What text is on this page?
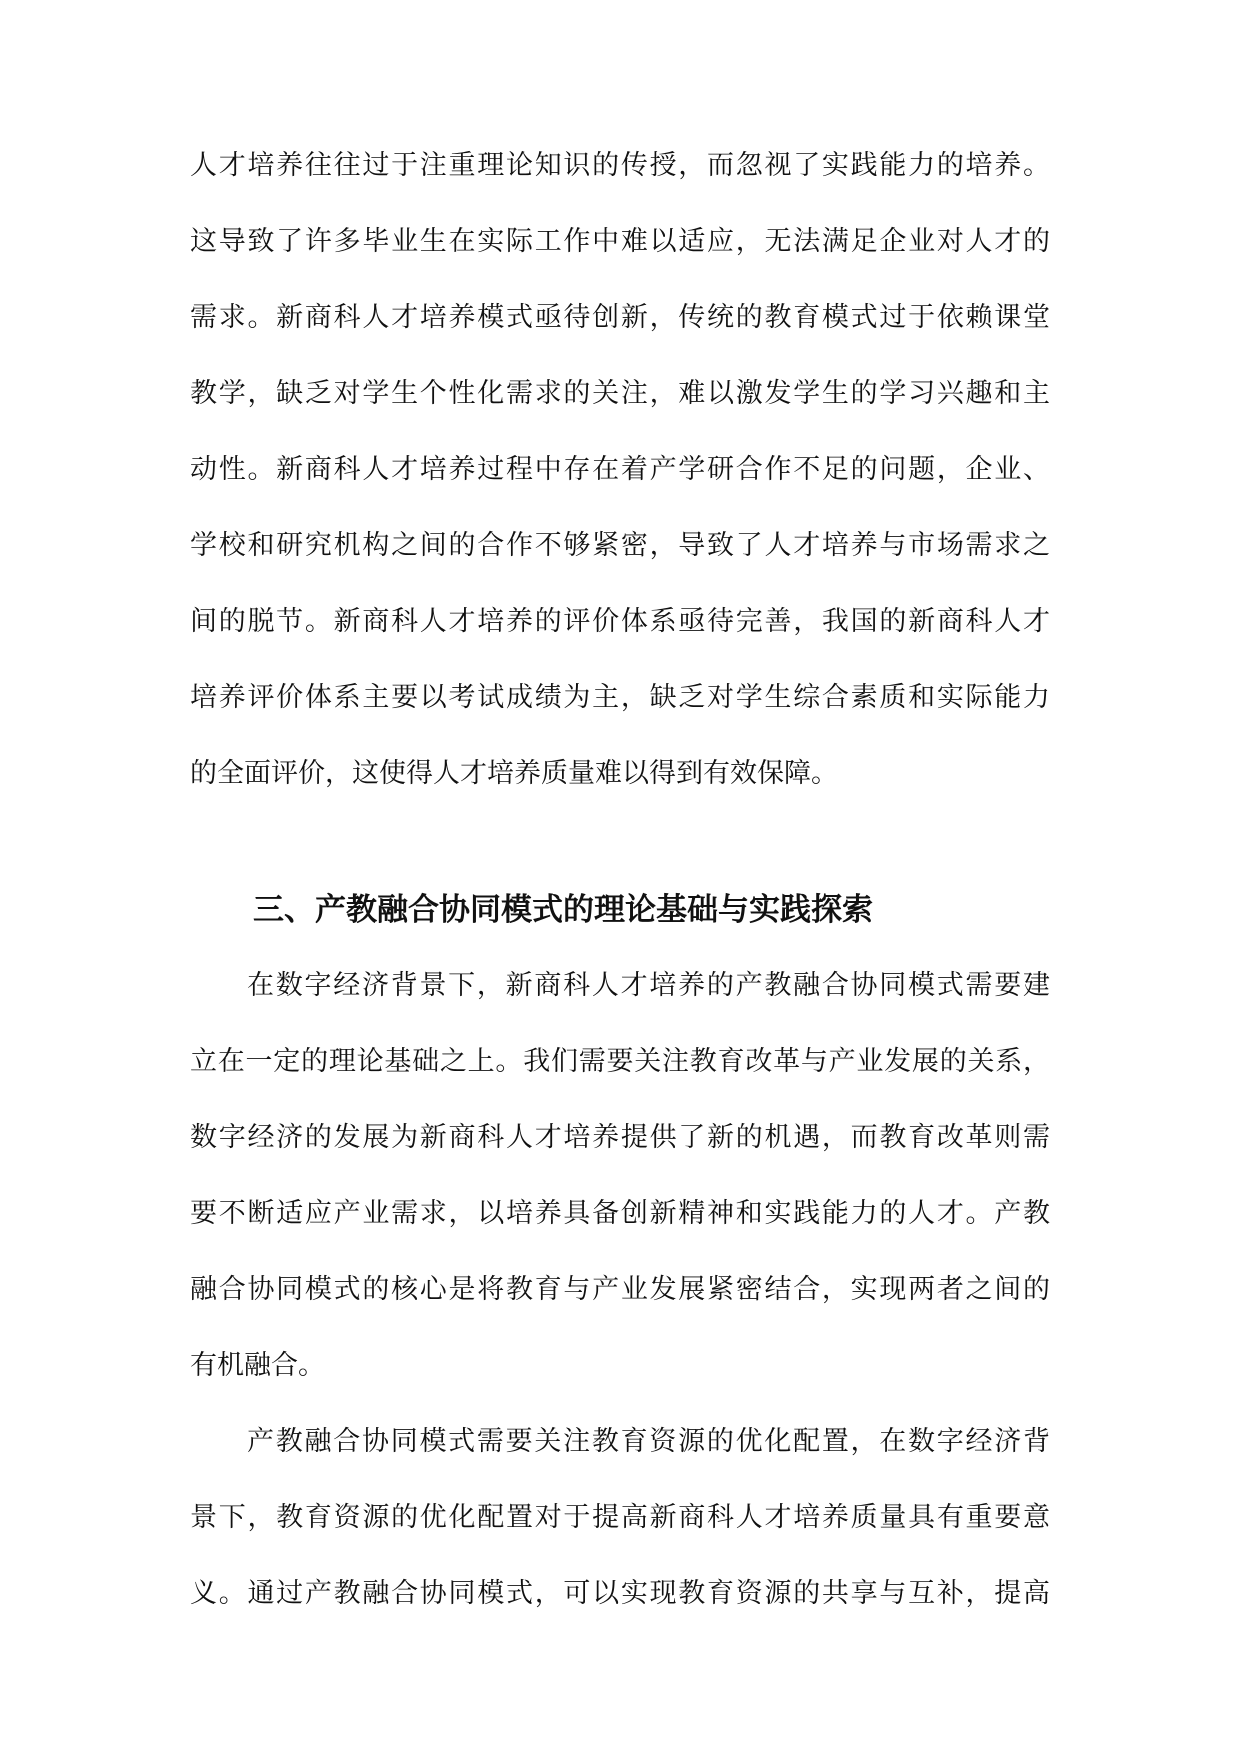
人才培养往往过于注重理论知识的传授，而忽视了实践能力的培养。

这导致了许多毕业生在实际工作中难以适应，无法满足企业对人才的

需求。新商科人才培养模式亟待创新，传统的教育模式过于依赖课堂

教学，缺乏对学生个性化需求的关注，难以激发学生的学习兴趣和主

动性。新商科人才培养过程中存在着产学研合作不足的问题，企业、

学校和研究机构之间的合作不够紧密，导致了人才培养与市场需求之

间的脱节。新商科人才培养的评价体系亟待完善，我国的新商科人才

培养评价体系主要以考试成绩为主，缺乏对学生综合素质和实际能力

的全面评价，这使得人才培养质量难以得到有效保障。

三、产教融合协同模式的理论基础与实践探索

在数字经济背景下，新商科人才培养的产教融合协同模式需要建

立在一定的理论基础之上。我们需要关注教育改革与产业发展的关系，

数字经济的发展为新商科人才培养提供了新的机遇，而教育改革则需

要不断适应产业需求，以培养具备创新精神和实践能力的人才。产教

融合协同模式的核心是将教育与产业发展紧密结合，实现两者之间的

有机融合。

产教融合协同模式需要关注教育资源的优化配置，在数字经济背

景下，教育资源的优化配置对于提高新商科人才培养质量具有重要意

义。通过产教融合协同模式，可以实现教育资源的共享与互补，提高
